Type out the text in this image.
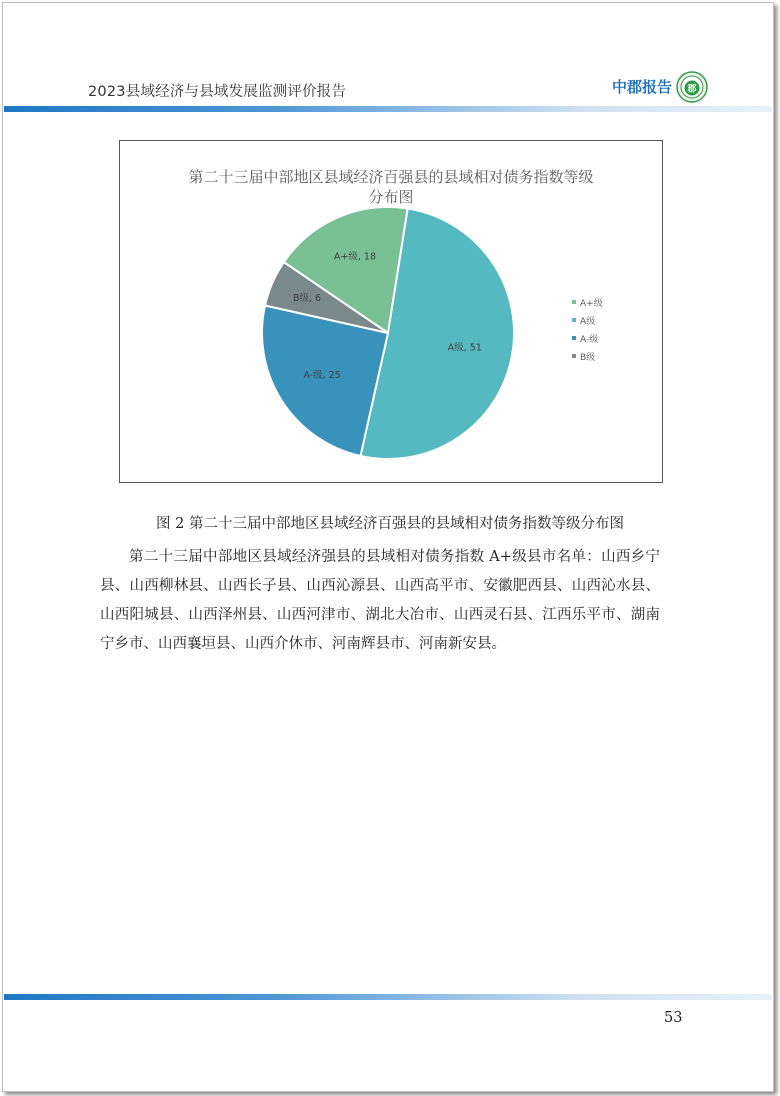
2023县域经济与县域发展监测评价报告	中郡报告 郡
第二十三届中部地区县域经济百强县的县域相对债务指数等级
分布图
A+级, 18
A级, 51
A-级, 25
B级, 6	A+级
A级
A-级
B级
图 2 第二十三届中部地区县域经济百强县的县域相对债务指数等级分布图
第二十三届中部地区县域经济强县的县域相对债务指数 A+级县市名单：山西乡宁县、山西柳林县、山西长子县、山西沁源县、山西高平市、安徽肥西县、山西沁水县、山西阳城县、山西泽州县、山西河津市、湖北大冶市、山西灵石县、江西乐平市、湖南宁乡市、山西襄垣县、山西介休市、河南辉县市、河南新安县。
53
